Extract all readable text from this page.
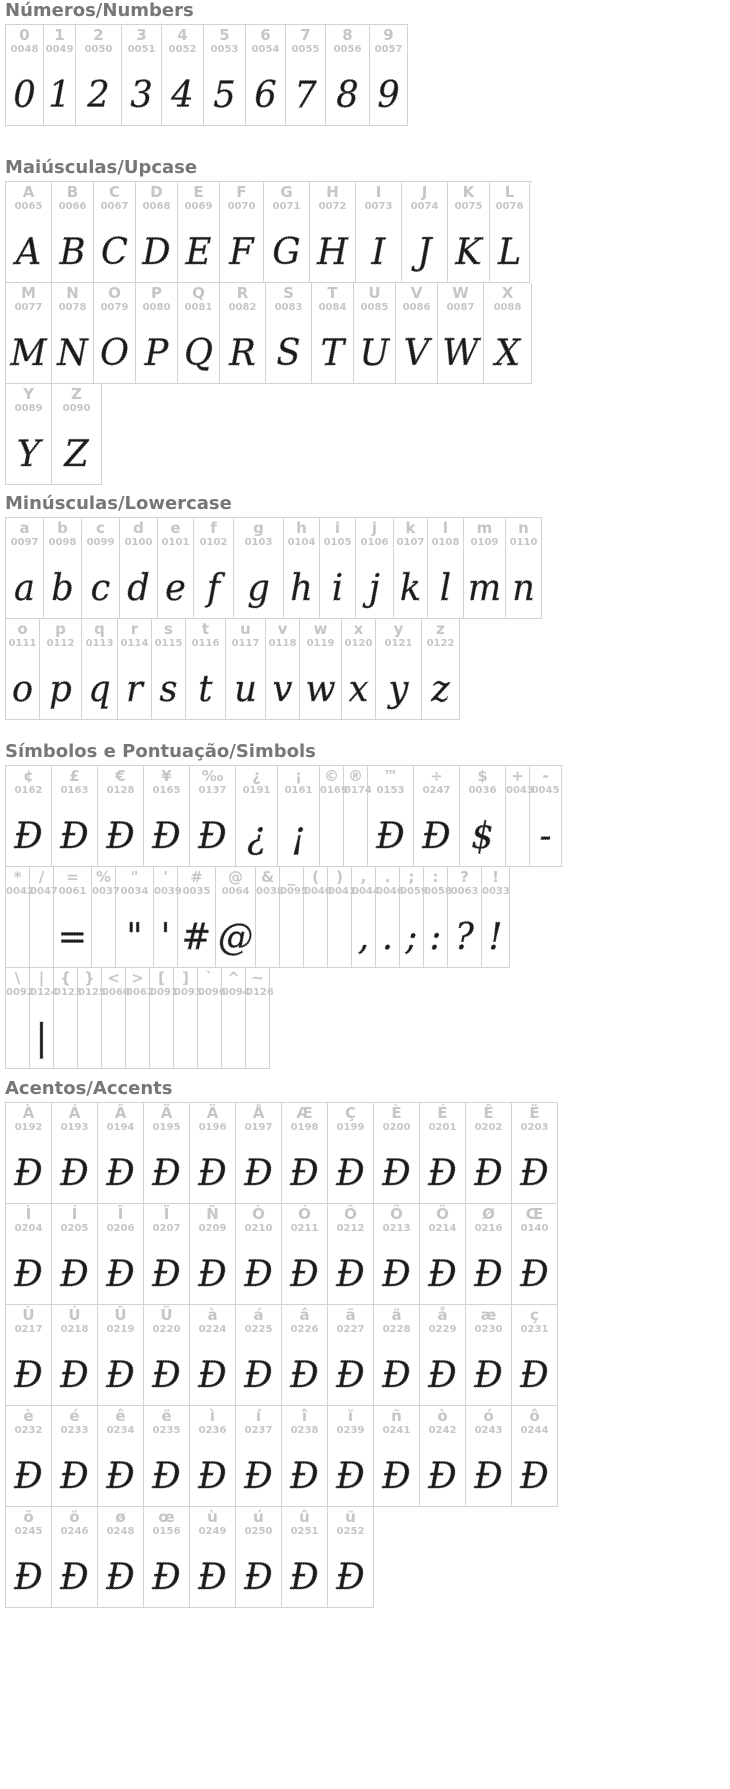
Números/Numbers
0
0048
0
1
0049
1
2
0050
2
3
0051
3
4
0052
4
5
0053
5
6
0054
6
7
0055
7
8
0056
8
9
0057
9
Maiúsculas/Upcase
A
0065
A
B
0066
B
C
0067
C
D
0068
D
E
0069
E
F
0070
F
G
0071
G
H
0072
H
I
0073
I
J
0074
J
K
0075
K
L
0076
L
M
0077
M
N
0078
N
O
0079
O
P
0080
P
Q
0081
Q
R
0082
R
S
0083
S
T
0084
T
U
0085
U
V
0086
V
W
0087
W
X
0088
X
Y
0089
Y
Z
0090
Z
Minúsculas/Lowercase
a
0097
a
b
0098
b
c
0099
c
d
0100
d
e
0101
e
f
0102
f
g
0103
g
h
0104
h
i
0105
i
j
0106
j
k
0107
k
l
0108
l
m
0109
m
n
0110
n
o
0111
o
p
0112
p
q
0113
q
r
0114
r
s
0115
s
t
0116
t
u
0117
u
v
0118
v
w
0119
w
x
0120
x
y
0121
y
z
0122
z
Símbolos e Pontuação/Simbols
¢
0162
Đ
£
0163
Đ
€
0128
Đ
¥
0165
Đ
‰
0137
Đ
¿
0191
¿
¡
0161
¡
©
0169
®
0174
™
0153
Đ
÷
0247
Đ
$
0036
$
+
0043
-
0045
-
*
0042
/
0047
=
0061
=
%
0037
"
0034
"
'
0039
'
#
0035
#
@
0064
@
&
0038
_
0095
(
0040
)
0041
,
0044
,
.
0046
.
;
0059
;
:
0058
:
?
0063
?
!
0033
!
\
0092
|
0124
|
{
0123
}
0125
<
0060
>
0062
[
0091
]
0093
`
0096
^
0094
~
0126
Acentos/Accents
À
0192
Đ
Á
0193
Đ
Â
0194
Đ
Ã
0195
Đ
Ä
0196
Đ
Å
0197
Đ
Æ
0198
Đ
Ç
0199
Đ
È
0200
Đ
É
0201
Đ
Ê
0202
Đ
Ë
0203
Đ
Ì
0204
Đ
Í
0205
Đ
Î
0206
Đ
Ï
0207
Đ
Ñ
0209
Đ
Ò
0210
Đ
Ó
0211
Đ
Ô
0212
Đ
Õ
0213
Đ
Ö
0214
Đ
Ø
0216
Đ
Œ
0140
Đ
Ù
0217
Đ
Ú
0218
Đ
Û
0219
Đ
Ü
0220
Đ
à
0224
Đ
á
0225
Đ
â
0226
Đ
ã
0227
Đ
ä
0228
Đ
å
0229
Đ
æ
0230
Đ
ç
0231
Đ
è
0232
Đ
é
0233
Đ
ê
0234
Đ
ë
0235
Đ
ì
0236
Đ
í
0237
Đ
î
0238
Đ
ï
0239
Đ
ñ
0241
Đ
ò
0242
Đ
ó
0243
Đ
ô
0244
Đ
õ
0245
Đ
ö
0246
Đ
ø
0248
Đ
œ
0156
Đ
ù
0249
Đ
ú
0250
Đ
û
0251
Đ
ü
0252
Đ
